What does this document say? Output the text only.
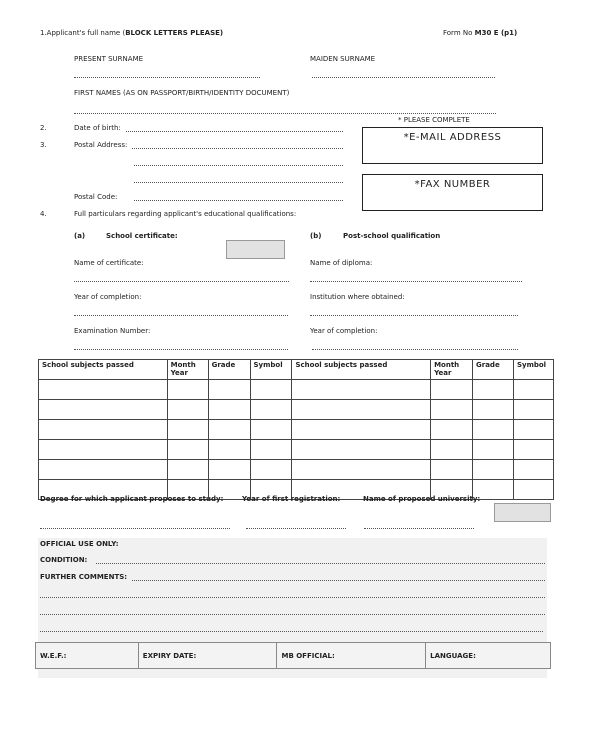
1.Applicant's full name (BLOCK LETTERS PLEASE)	Form No M30 E (p1)
PRESENT SURNAME	MAIDEN SURNAME
FIRST NAMES (AS ON PASSPORT/BIRTH/IDENTITY DOCUMENT)
* PLEASE COMPLETE
2.	Date of birth:
3.	Postal Address:
Postal Code:
*E-MAIL ADDRESS
*FAX NUMBER
4.	Full particulars regarding applicant's educational qualifications:
(a)	School certificate:
Name of certificate:
Year of completion:
Examination Number:
(b)	Post-school qualification
Name of diploma:
Institution where obtained:
Year of completion:
School subjects passed	Month Year	Grade	Symbol	School subjects passed	Month Year	Grade	Symbol

Degree for which applicant proposes to study:	Year of first registration:	Name of proposed university:
OFFICIAL USE ONLY:
CONDITION:
FURTHER COMMENTS:
W.E.F.:	EXPIRY DATE:	MB OFFICIAL:	LANGUAGE:
